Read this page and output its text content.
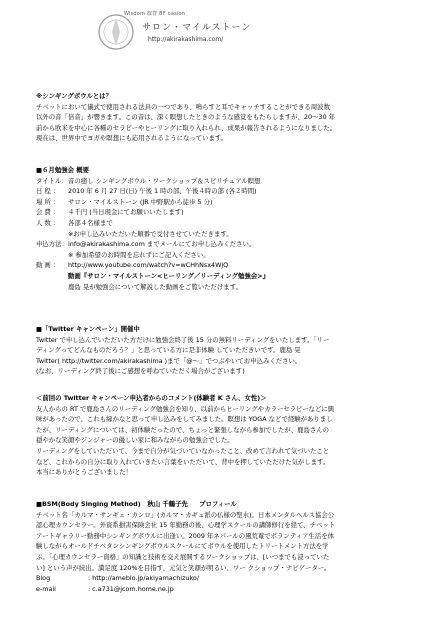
Wisdom 叡智 BF oasion
サロン・マイルストーン
http://akirakashima.com/
※シンギングボウルとは？
チベットにおいて儀式で使用される法具の一つであり、鳴らすと耳でキャッチすることができる周波数
以外の音「倍音」が響きます。この音は、深く瞑想したときのような感覚をもたらしますが、20～30 年
前から欧米を中心に各種のセラピーやヒーリングに取り入れられ、成果が報告されるようになりました。
現在は、世界中でヨガや瞑想にも応用されるようになっています。
■６月勉強会 概要
タイトル： 音の癒し シンギングボウル・ワークショップ＆スピリチュアル瞑想
日 程 ： 2010 年 6 月 27 日(日) 午後 1 時の部、午後４時の部 (各２時間)
場 所 ： サロン・マイルストーン (JR 中野駅から徒歩 5 分)
会 費 ： ４千円 (当日現金にてお願いいたします)
人 数 ： 各部４名様まで
※お申し込みいただいた順番で受付させていただきます。
申込方法： info@akirakashima.com までメールにてお申し込みください。
※ 参加希望のお時間を忘れずにご記入ください。
動 画 ： http://www.youtube.com/watch?v=wCHhNsx4WjQ
動画『サロン・マイルストーン<ヒーリング／リーディング勉強会>』
鹿島 晃が勉強会について解説した動画をご覧いただけます。
■「Twitter キャンペーン」開催中
Twitter で申し込んでいただいた方だけに勉強会終了後 15 分の無料リーディングをいたします。「リー
ディングってどんなものだろう？」と思っている方に是非体験 していただきいです。鹿島 晃
Twitter( http://twitter.com/akirakashima )まで「@～」でつぶやいてお申込みください。
(なお、リーディング終了後にご感想を呼ねていただく場合がございます)
＜前回の Twitter キャンペーン申込者からのコメント(体験者 K さん、女性)＞
友人からの RT で鹿島さんのリーディング勉強会を知り、以前からヒーリングやカラーセラピーなどに興
味があったので、これも縁かなと思って申し込みをしてみました。瞑想は YOGA などで経験がありまし
たが、リーディングについては、初体験だったので、ちょっと緊張しながら参加でしたが、鹿島さんの
穏やかな笑顔やジンジャーの優しい家に和みながらの勉強会でした。
リーディングをしていただいて、今まで自分が気づいていなかったこと、改めて言われて気づいたこと
など、これからの自分に取り入れていきたい言葉をいただいて、背中を押していただけた気がします。
本当にありがとうございました！
■BSM(Body Singing Method) 秋山 千鶴子先 プロフィール
チベット名「カルマ・サンギェ・カンロ」(カルマ・カギュ派の仏様の聖水)。日本メンタルヘルス協会公
認心理カウンセラー。外資系損害保険会社 15 年勤務の後、心理学スクールの講師修行を経て、チベット
アートギャラリー勤務中シンギングボウルに出逢い。2009 年ネパールの風荒菴でボランティア生活を体
験しながらオールドチベタンシンギングボウルスクールにてボウルを使用したトリートメント方法を学
ぶ。「心理カウンセラー資格」の知識と技術を交え展開するワークショップは、[いつまでも浸っていた
い] という声が続出。満足度 120%を目指す、元気と笑顔が明るい、ワー クショップ・ナビゲーター。
Blog	: http://ameblo.jp/akiyamachizuko/
e-mail	: c.a731@jcom.home.ne.jp
